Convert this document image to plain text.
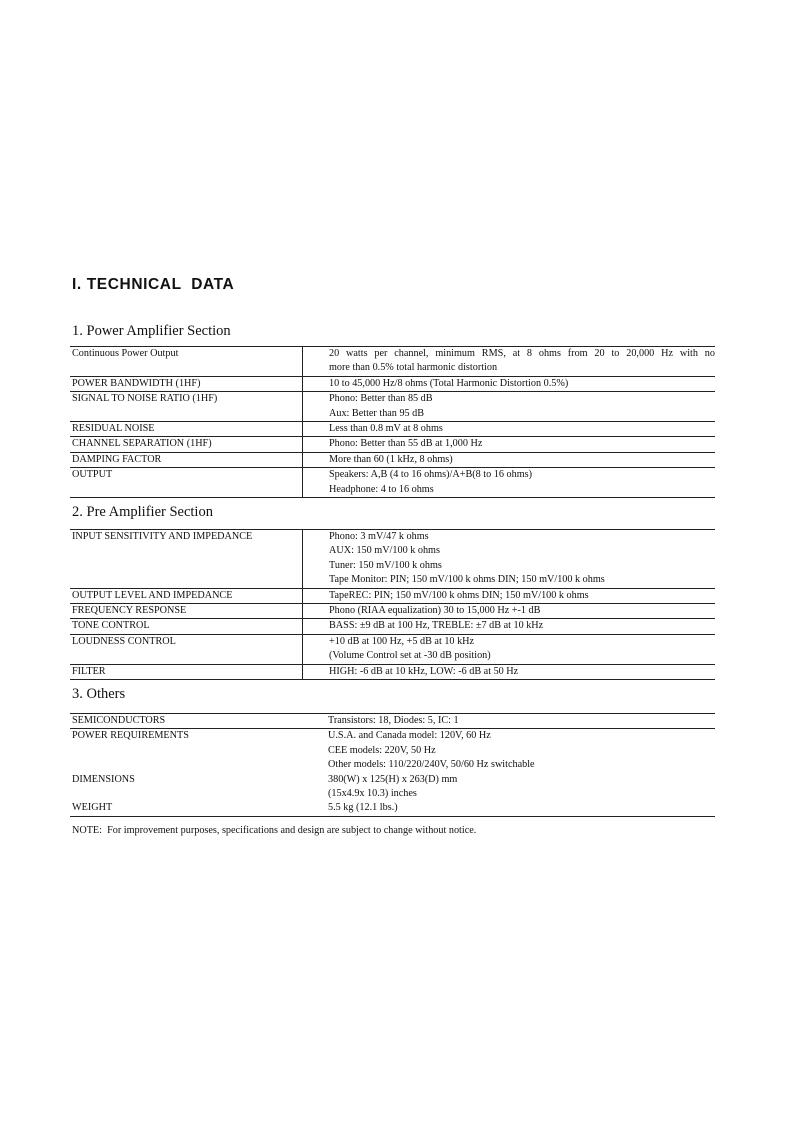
I. TECHNICAL  DATA
1. Power Amplifier Section
Continuous Power Output	20 watts per channel, minimum RMS, at 8 ohms from 20 to 20,000 Hz with no
more than 0.5% total harmonic distortion

POWER BANDWIDTH (1HF)	10 to 45,000 Hz/8 ohms (Total Harmonic Distortion 0.5%)

SIGNAL TO NOISE RATIO (1HF)	Phono: Better than 85 dB
Aux: Better than 95 dB

RESIDUAL NOISE	Less than 0.8 mV at 8 ohms

CHANNEL SEPARATION (1HF)	Phono: Better than 55 dB at 1,000 Hz

DAMPING FACTOR	More than 60 (1 kHz, 8 ohms)

OUTPUT	Speakers: A,B (4 to 16 ohms)/A+B(8 to 16 ohms)
Headphone: 4 to 16 ohms
2. Pre Amplifier Section
INPUT SENSITIVITY AND IMPEDANCE	Phono: 3 mV/47 k ohms
AUX: 150 mV/100 k ohms
Tuner: 150 mV/100 k ohms
Tape Monitor: PIN; 150 mV/100 k ohms DIN; 150 mV/100 k ohms

OUTPUT LEVEL AND IMPEDANCE	TapeREC: PIN; 150 mV/100 k ohms DIN; 150 mV/100 k ohms

FREQUENCY RESPONSE	Phono (RIAA equalization) 30 to 15,000 Hz +-1 dB

TONE CONTROL	BASS: ±9 dB at 100 Hz, TREBLE: ±7 dB at 10 kHz

LOUDNESS CONTROL	+10 dB at 100 Hz, +5 dB at 10 kHz
(Volume Control set at -30 dB position)

FILTER	HIGH: -6 dB at 10 kHz, LOW: -6 dB at 50 Hz
3. Others
SEMICONDUCTORS	Transistors: 18, Diodes: 5, IC: 1

POWER REQUIREMENTS	U.S.A. and Canada model: 120V, 60 Hz
CEE models: 220V, 50 Hz
Other models: 110/220/240V, 50/60 Hz switchable

DIMENSIONS	380(W) x 125(H) x 263(D) mm
(15x4.9x 10.3) inches

WEIGHT	5.5 kg (12.1 lbs.)
NOTE:  For improvement purposes, specifications and design are subject to change without notice.
